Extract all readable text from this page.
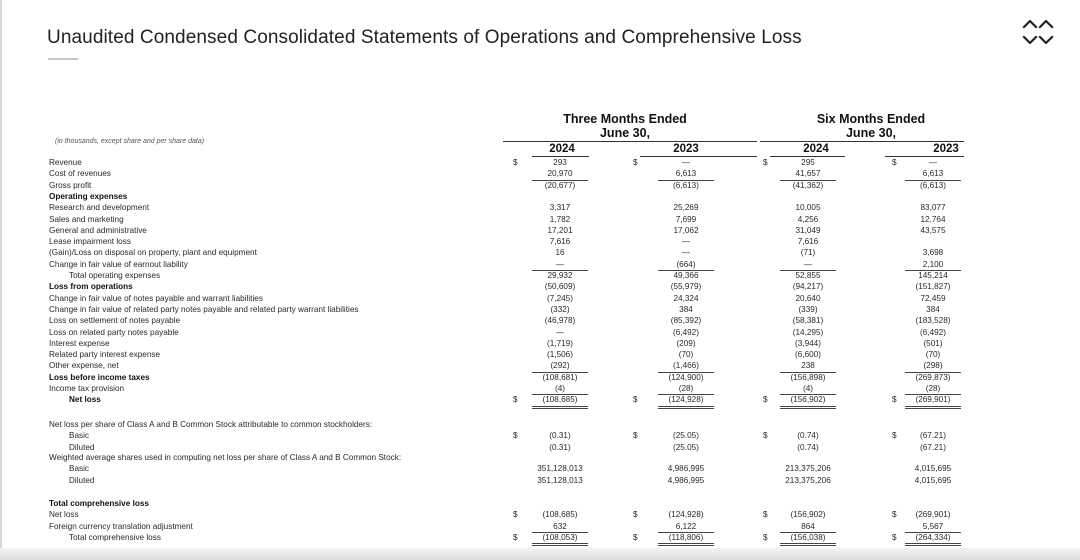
Unaudited Condensed Consolidated Statements of Operations and Comprehensive Loss
Three Months Ended
June 30,
Six Months Ended
June 30,
(in thousands, except share and per share data)
2024	2023	2024	2023
Revenue	$	293	$	—	$	295	$	—
Cost of revenues	20,970	6,613	41,657	6,613
Gross profit	(20,677)	(6,613)	(41,362)	(6,613)
Operating expenses
Research and development	3,317	25,269	10,005	83,077
Sales and marketing	1,782	7,699	4,256	12,764
General and administrative	17,201	17,062	31,049	43,575
Lease impairment loss	7,616	—	7,616
(Gain)/Loss on disposal on property, plant and equipment	16	—	(71)	3,698
Change in fair value of earnout liability	—	(664)	—	2,100
Total operating expenses	29,932	49,366	52,855	145,214
Loss from operations	(50,609)	(55,979)	(94,217)	(151,827)
Change in fair value of notes payable and warrant liabilities	(7,245)	24,324	20,640	72,459
Change in fair value of related party notes payable and related party warrant liabilities	(332)	384	(339)	384
Loss on settlement of notes payable	(46,978)	(85,392)	(58,381)	(183,528)
Loss on related party notes payable	—	(6,492)	(14,295)	(6,492)
Interest expense	(1,719)	(209)	(3,944)	(501)
Related party interest expense	(1,506)	(70)	(6,600)	(70)
Other expense, net	(292)	(1,466)	238	(298)
Loss before income taxes	(108,681)	(124,900)	(156,898)	(269,873)
Income tax provision	(4)	(28)	(4)	(28)
Net loss	$	(108,685)	$	(124,928)	$	(156,902)	$	(269,901)
Net loss per share of Class A and B Common Stock attributable to common stockholders:
Basic	$	(0.31)	$	(25.05)	$	(0.74)	$	(67.21)
Diluted	(0.31)	(25.05)	(0.74)	(67.21)
Weighted average shares used in computing net loss per share of Class A and B Common Stock:
Basic	351,128,013	4,986,995	213,375,206	4,015,695
Diluted	351,128,013	4,986,995	213,375,206	4,015,695
Total comprehensive loss
Net loss	$	(108,685)	$	(124,928)	$	(156,902)	$	(269,901)
Foreign currency translation adjustment	632	6,122	864	5,567
Total comprehensive loss	$	(108,053)	$	(118,806)	$	(156,038)	$	(264,334)
